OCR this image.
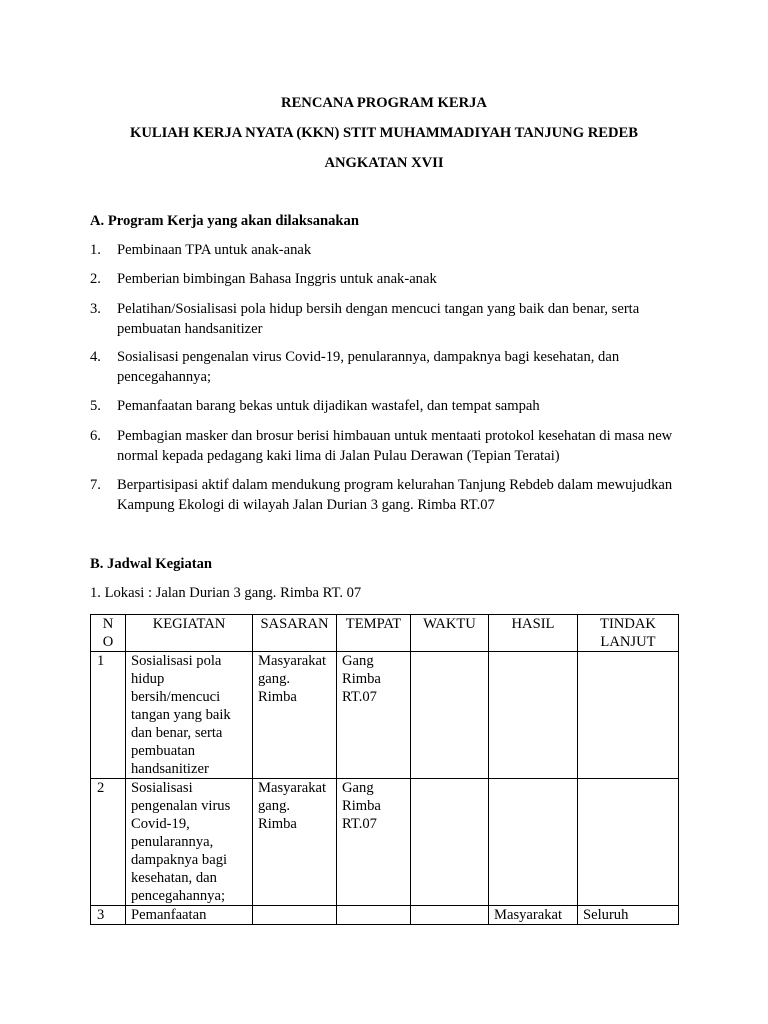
RENCANA PROGRAM KERJA
KULIAH KERJA NYATA (KKN) STIT MUHAMMADIYAH TANJUNG REDEB
ANGKATAN XVII
A. Program Kerja yang akan dilaksanakan
1. Pembinaan TPA untuk anak-anak
2. Pemberian bimbingan Bahasa Inggris untuk anak-anak
3. Pelatihan/Sosialisasi pola hidup bersih dengan mencuci tangan yang baik dan benar, serta pembuatan handsanitizer
4. Sosialisasi pengenalan virus Covid-19, penularannya, dampaknya bagi kesehatan, dan pencegahannya;
5. Pemanfaatan barang bekas untuk dijadikan wastafel, dan tempat sampah
6. Pembagian masker dan brosur berisi himbauan untuk mentaati protokol kesehatan di masa new normal kepada pedagang kaki lima di Jalan Pulau Derawan (Tepian Teratai)
7. Berpartisipasi aktif dalam mendukung program kelurahan Tanjung Rebdeb dalam mewujudkan Kampung Ekologi di wilayah Jalan Durian 3 gang. Rimba RT.07
B. Jadwal Kegiatan
1. Lokasi : Jalan Durian 3 gang. Rimba RT. 07
N O	KEGIATAN	SASARAN	TEMPAT	WAKTU	HASIL	TINDAK LANJUT
1	Sosialisasi pola hidup bersih/mencuci tangan yang baik dan benar, serta pembuatan handsanitizer	Masyarakat gang. Rimba	Gang Rimba RT.07			
2	Sosialisasi pengenalan virus Covid-19, penularannya, dampaknya bagi kesehatan, dan pencegahannya;	Masyarakat gang. Rimba	Gang Rimba RT.07			
3	Pemanfaatan				Masyarakat	Seluruh
